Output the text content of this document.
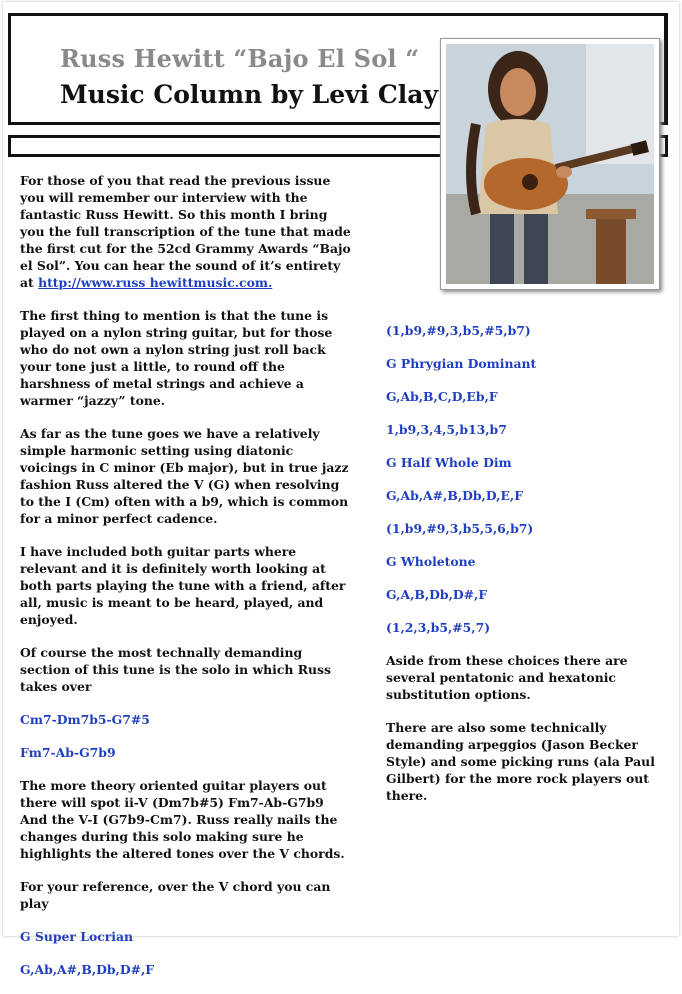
Russ Hewitt “Bajo El Sol “
Music Column by Levi Clay

For those of you that read the previous issue you will remember our interview with the fantastic Russ Hewitt. So this month I bring you the full transcription of the tune that made the first cut for the 52cd Grammy Awards “Bajo el Sol”. You can hear the sound of it’s entirety at http://www.russ hewittmusic.com.

The first thing to mention is that the tune is played on a nylon string guitar, but for those who do not own a nylon string just roll back your tone just a little, to round off the harshness of metal strings and achieve a warmer “jazzy” tone.

As far as the tune goes we have a relatively simple harmonic setting using diatonic voicings in C minor (Eb major), but in true jazz fashion Russ altered the V (G) when resolving to the I (Cm) often with a b9, which is common for a minor perfect cadence.

I have included both guitar parts where relevant and it is definitely worth looking at both parts playing the tune with a friend, after all, music is meant to be heard, played, and enjoyed.

Of course the most technally demanding section of this tune is the solo in which Russ takes over

Cm7-Dm7b5-G7#5

Fm7-Ab-G7b9

The more theory oriented guitar players out there will spot ii-V (Dm7b#5) Fm7-Ab-G7b9 And the V-I (G7b9-Cm7). Russ really nails the changes during this solo making sure he highlights the altered tones over the V chords.

For your reference, over the V chord you can play

G Super Locrian

G,Ab,A#,B,Db,D#,F

(1,b9,#9,3,b5,#5,b7)

G Phrygian Dominant

G,Ab,B,C,D,Eb,F

1,b9,3,4,5,b13,b7

G Half Whole Dim

G,Ab,A#,B,Db,D,E,F

(1,b9,#9,3,b5,5,6,b7)

G Wholetone

G,A,B,Db,D#,F

(1,2,3,b5,#5,7)

Aside from these choices there are several pentatonic and hexatonic substitution options.

There are also some technically demanding arpeggios (Jason Becker Style) and some picking runs (ala Paul Gilbert) for the more rock players out there.
